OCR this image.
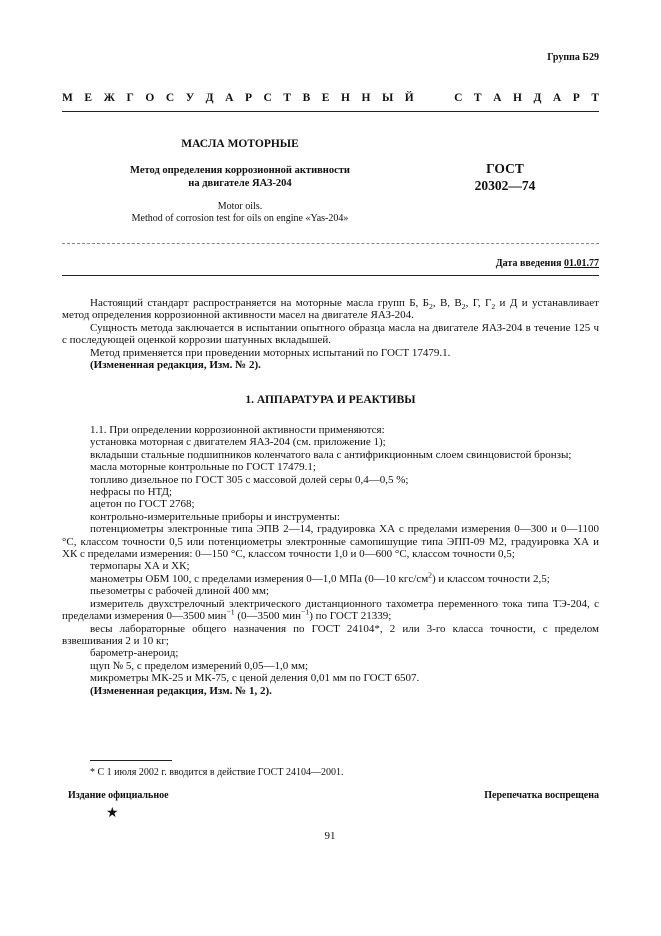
Группа Б29
М Е Ж Г О С У Д А Р С Т В Е Н Н Ы Й

	С Т А Н Д А Р Т
МАСЛА МОТОРНЫЕ
Метод определения коррозионной активности
на двигателе ЯАЗ-204
ГОСТ
20302—74
Motor oils.
Method of corrosion test for oils on engine «Yas-204»
Дата введения 01.01.77

Настоящий стандарт распространяется на моторные масла групп Б, $Б_2$, В, $В_2$, Г, $Г_2$ и Д и устанавливает метод определения коррозионной активности масел на двигателе ЯАЗ-204.

Сущность метода заключается в испытании опытного образца масла на двигателе ЯАЗ-204 в течение 125 ч с последующей оценкой коррозии шатунных вкладышей.

Метод применяется при проведении моторных испытаний по ГОСТ 17479.1.

(Измененная редакция, Изм. № 2).

1. АППАРАТУРА И РЕАКТИВЫ

1.1. При определении коррозионной активности применяются:

установка моторная с двигателем ЯАЗ-204 (см. приложение 1);

вкладыши стальные подшипников коленчатого вала с антифрикционным слоем свинцовистой бронзы;

масла моторные контрольные по ГОСТ 17479.1;

топливо дизельное по ГОСТ 305 с массовой долей серы 0,4—0,5 %;

нефрасы по НТД;

ацетон по ГОСТ 2768;

контрольно-измерительные приборы и инструменты:

потенциометры электронные типа ЭПВ 2—14, градуировка ХА с пределами измерения 0—300 и 0—1100 °С, классом точности 0,5 или потенциометры электронные самопишущие типа ЭПП-09 М2, градуировка ХА и ХК с пределами измерения: 0—150 °С, классом точности 1,0 и 0—600 °С, классом точности 0,5;

термопары ХА и ХК;

манометры ОБМ 100, с пределами измерения 0—1,0 МПа (0—10 кгс/$см^2$) и классом точности 2,5;

пьезометры с рабочей длиной 400 мм;

измеритель двухстрелочный электрического дистанционного тахометра переменного тока типа ТЭ-204, с пределами измерения 0—3500 мин$^{-1}$ (0—3500 мин$^{-1}$) по ГОСТ 21339;

весы лабораторные общего назначения по ГОСТ 24104*, 2 или 3-го класса точности, с пределом взвешивания 2 и 10 кг;

барометр-анероид;

щуп № 5, с пределом измерений 0,05—1,0 мм;

микрометры МК-25 и МК-75, с ценой деления 0,01 мм по ГОСТ 6507.

(Измененная редакция, Изм. № 1, 2).

* С 1 июля 2002 г. вводится в действие ГОСТ 24104—2001.
Издание официальное	Перепечатка воспрещена
★
91
